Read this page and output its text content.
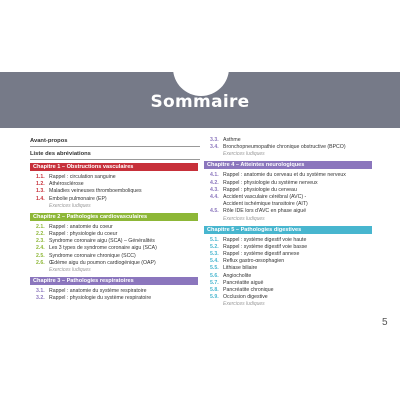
Sommaire
Avant-propos
Liste des abréviations
Chapitre 1 – Obstructions vasculaires
1.1. Rappel : circulation sanguine
1.2. Athérosclérose
1.3. Maladies veineuses thromboemboliques
1.4. Embolie pulmonaire (EP)
Exercices ludiques
Chapitre 2 – Pathologies cardiovasculaires
2.1. Rappel : anatomie du coeur
2.2. Rappel : physiologie du coeur
2.3. Syndrome coronaire aigu (SCA) – Généralités
2.4. Les 3 types de syndrome coronaire aigu (SCA)
2.5. Syndrome coronaire chronique (SCC)
2.6. Œdème aigu du poumon cardiogénique (OAP)
Exercices ludiques
Chapitre 3 – Pathologies respiratoires
3.1. Rappel : anatomie du système respiratoire
3.2. Rappel : physiologie du système respiratoire
3.3. Asthme
3.4. Bronchopneumopathie chronique obstructive (BPCO)
Exercices ludiques
Chapitre 4 – Atteintes neurologiques
4.1. Rappel : anatomie du cerveau et du système nerveux
4.2. Rappel : physiologie du système nerveux
4.3. Rappel : physiologie du cerveau
4.4. Accident vasculaire cérébral (AVC) -
Accident ischémique transitoire (AIT)
4.5. Rôle IDE lors d'AVC en phase aiguë
Exercices ludiques
Chapitre 5 – Pathologies digestives
5.1. Rappel : système digestif voie haute
5.2. Rappel : système digestif voie basse
5.3. Rappel : système digestif annexe
5.4. Reflux gastro-œsophagien
5.5. Lithiase biliaire
5.6. Angiocholite
5.7. Pancréatite aiguë
5.8. Pancréatite chronique
5.9. Occlusion digestive
Exercices ludiques
5
